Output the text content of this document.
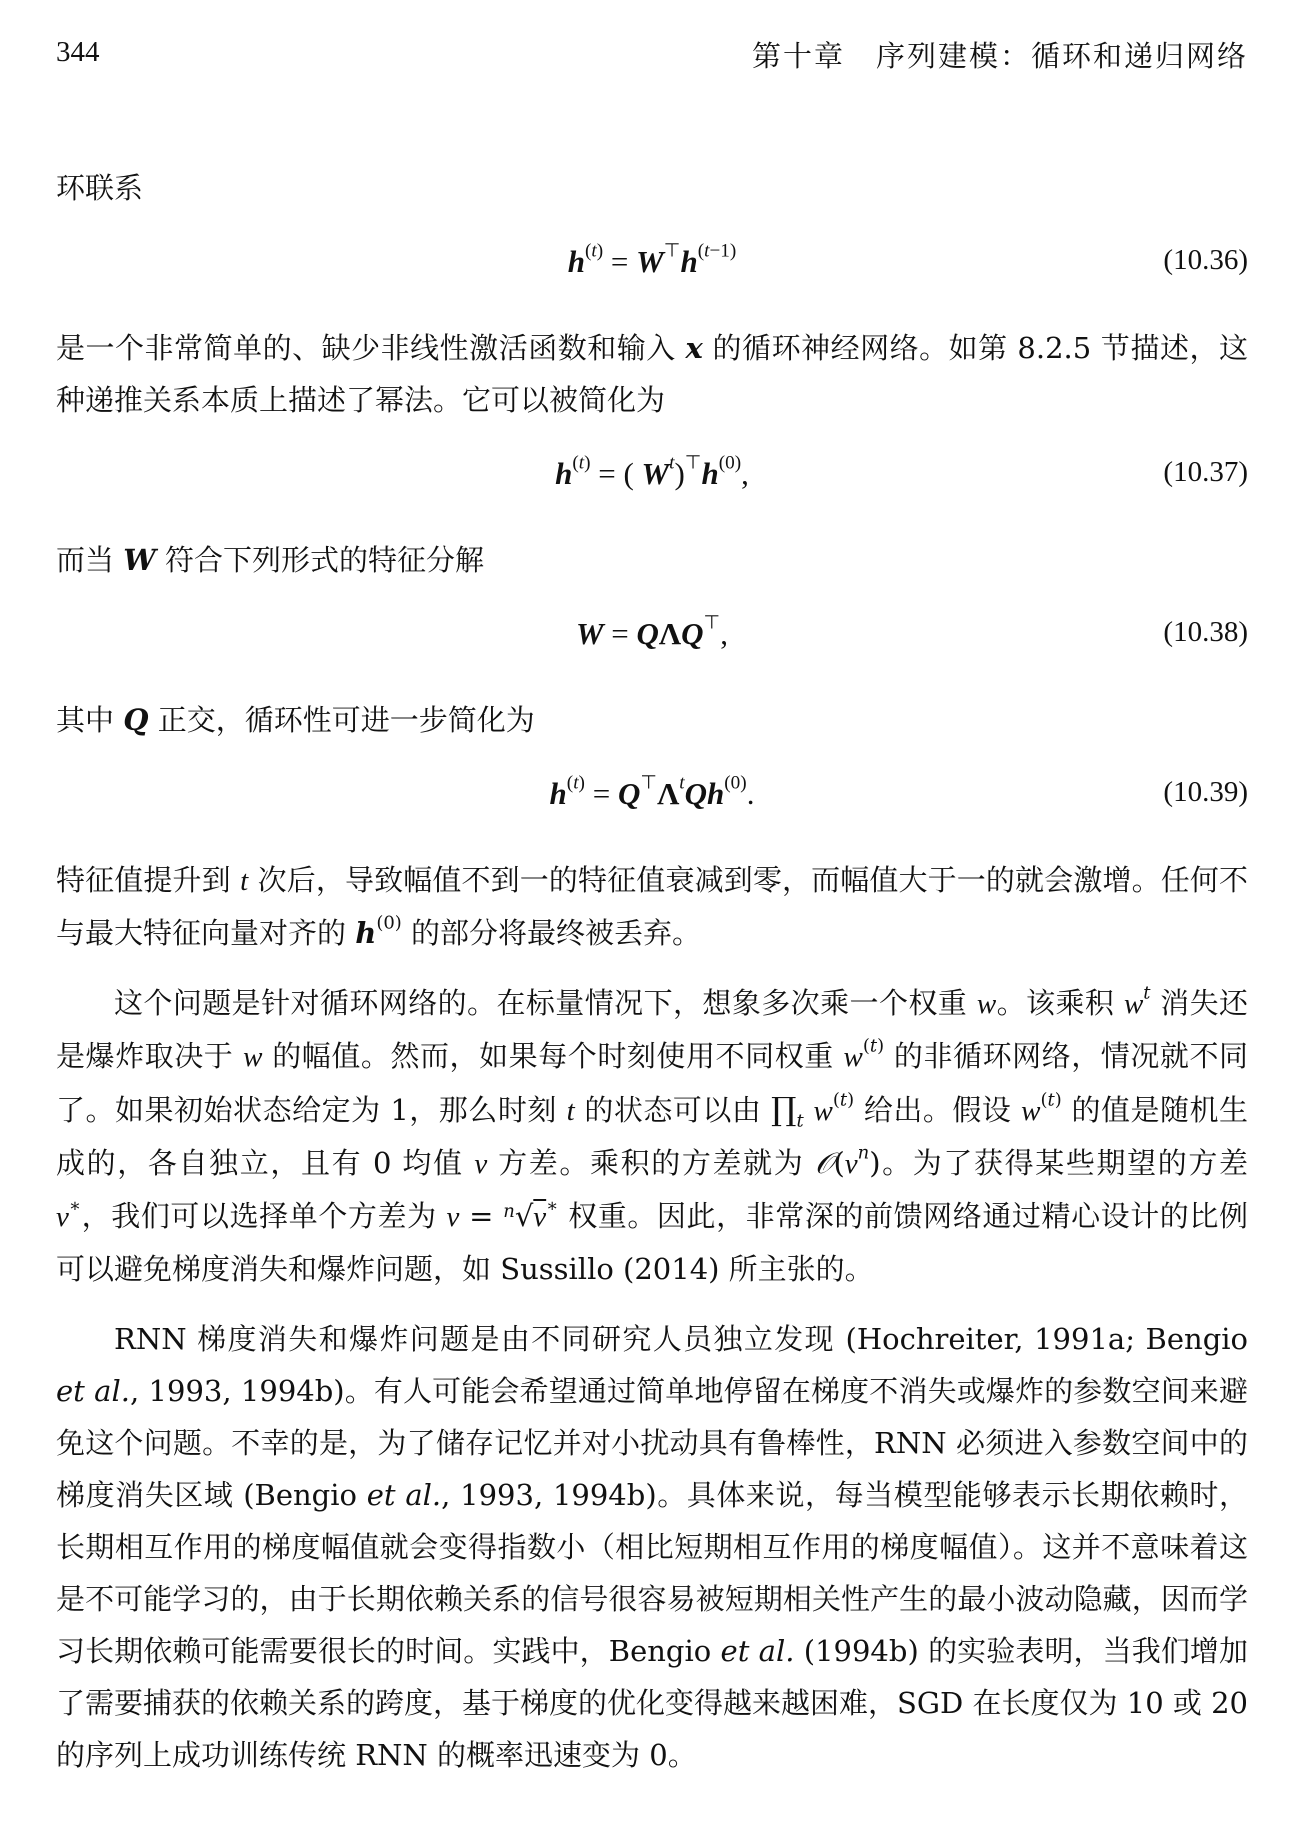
344	第十章　序列建模：循环和递归网络

环联系

$h^{(t)} = W^⊤h^{(t-1)}$	(10.36)

是一个非常简单的、缺少非线性激活函数和输入 x 的循环神经网络。如第 8.2.5 节描述，这种递推关系本质上描述了幂法。它可以被简化为

$h^{(t)}$ = ( $W^t)^⊤h^{(0)}$,	(10.37)

而当 W 符合下列形式的特征分解

W = QΛQ⊤,	(10.38)

其中 Q 正交，循环性可进一步简化为

$h^{(t)} = Q^⊤\Lambda^tQh^{(0)}$.	(10.39)

特征值提升到 t 次后，导致幅值不到一的特征值衰减到零，而幅值大于一的就会激增。任何不与最大特征向量对齐的 $h^{(0)}$ 的部分将最终被丢弃。

这个问题是针对循环网络的。在标量情况下，想象多次乘一个权重 w。该乘积 $w^t$ 消失还是爆炸取决于 w 的幅值。然而，如果每个时刻使用不同权重 $w^{(t)}$ 的非循环网络，情况就不同了。如果初始状态给定为 1，那么时刻 t 的状态可以由 $\prod_t$ $w^{(t)}$ 给出。假设 $w^{(t)}$ 的值是随机生成的，各自独立，且有 0 均值 v 方差。乘积的方差就为 $𝒪(v^n)$。为了获得某些期望的方差 v∗，我们可以选择单个方差为 v = $^n$√v∗ 权重。因此，非常深的前馈网络通过精心设计的比例可以避免梯度消失和爆炸问题，如 Sussillo (2014) 所主张的。

RNN 梯度消失和爆炸问题是由不同研究人员独立发现 (Hochreiter, 1991a; Bengio et al., 1993, 1994b)。有人可能会希望通过简单地停留在梯度不消失或爆炸的参数空间来避免这个问题。不幸的是，为了储存记忆并对小扰动具有鲁棒性，RNN 必须进入参数空间中的梯度消失区域 (Bengio et al., 1993, 1994b)。具体来说，每当模型能够表示长期依赖时，长期相互作用的梯度幅值就会变得指数小（相比短期相互作用的梯度幅值）。这并不意味着这是不可能学习的，由于长期依赖关系的信号很容易被短期相关性产生的最小波动隐藏，因而学习长期依赖可能需要很长的时间。实践中，Bengio et al. (1994b) 的实验表明，当我们增加了需要捕获的依赖关系的跨度，基于梯度的优化变得越来越困难，SGD 在长度仅为 10 或 20 的序列上成功训练传统 RNN 的概率迅速变为 0。
